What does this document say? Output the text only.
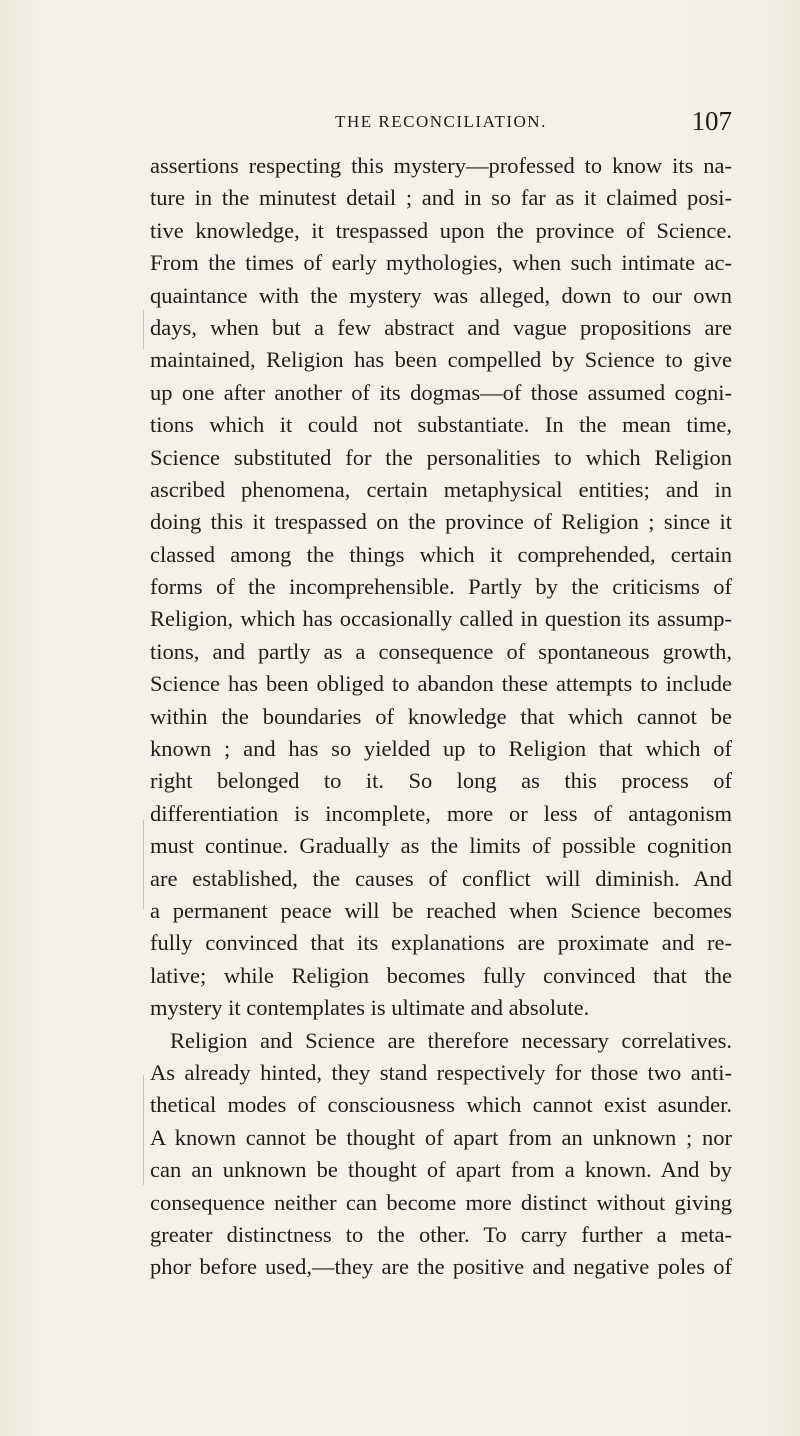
THE RECONCILIATION.	107
assertions respecting this mystery—professed to know its na-
ture in the minutest detail ; and in so far as it claimed posi-
tive knowledge, it trespassed upon the province of Science.
From the times of early mythologies, when such intimate ac-
quaintance with the mystery was alleged, down to our own
days, when but a few abstract and vague propositions are
maintained, Religion has been compelled by Science to give
up one after another of its dogmas—of those assumed cogni-
tions which it could not substantiate. In the mean time,
Science substituted for the personalities to which Religion
ascribed phenomena, certain metaphysical entities; and in
doing this it trespassed on the province of Religion ; since it
classed among the things which it comprehended, certain
forms of the incomprehensible. Partly by the criticisms of
Religion, which has occasionally called in question its assump-
tions, and partly as a consequence of spontaneous growth,
Science has been obliged to abandon these attempts to include
within the boundaries of knowledge that which cannot be
known ; and has so yielded up to Religion that which of
right belonged to it. So long as this process of
differentiation is incomplete, more or less of antagonism
must continue. Gradually as the limits of possible cognition
are established, the causes of conflict will diminish. And
a permanent peace will be reached when Science becomes
fully convinced that its explanations are proximate and re-
lative; while Religion becomes fully convinced that the
mystery it contemplates is ultimate and absolute.
Religion and Science are therefore necessary correlatives.
As already hinted, they stand respectively for those two anti-
thetical modes of consciousness which cannot exist asunder.
A known cannot be thought of apart from an unknown ; nor
can an unknown be thought of apart from a known. And by
consequence neither can become more distinct without giving
greater distinctness to the other. To carry further a meta-
phor before used,—they are the positive and negative poles of
